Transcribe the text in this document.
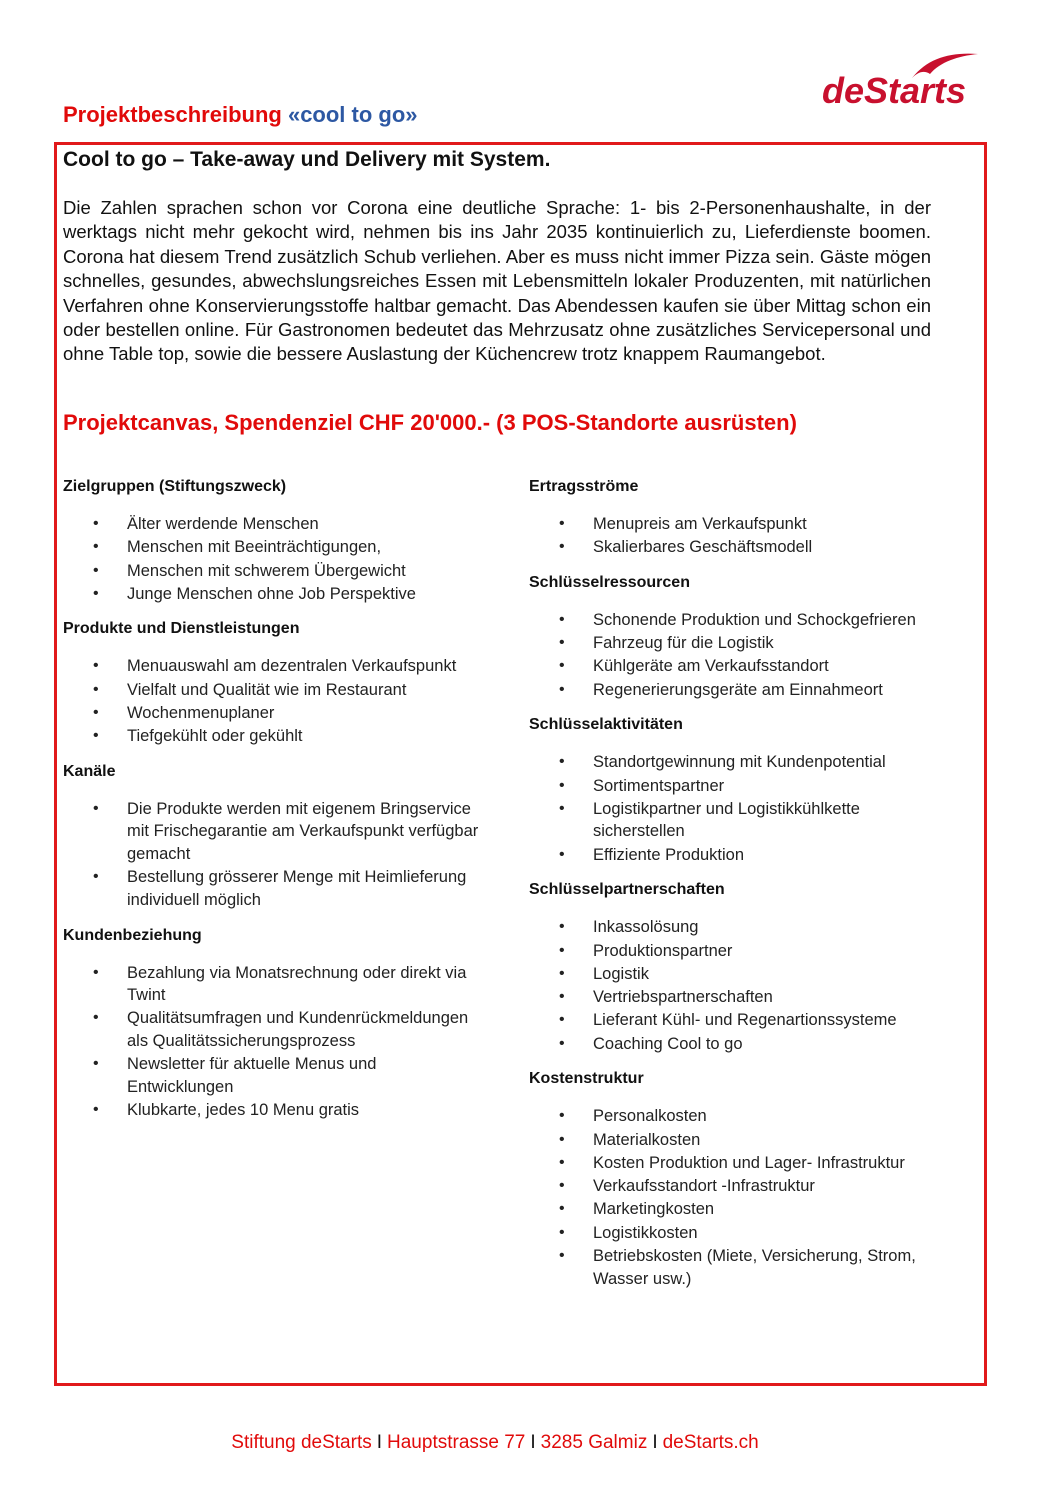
deStarts
Projektbeschreibung «cool to go»
Cool to go – Take-away und Delivery mit System.

Die Zahlen sprachen schon vor Corona eine deutliche Sprache: 1- bis 2-Personenhaushalte, in der werktags nicht mehr gekocht wird, nehmen bis ins Jahr 2035 kontinuierlich zu, Lieferdienste boomen. Corona hat diesem Trend zusätzlich Schub verliehen. Aber es muss nicht immer Pizza sein. Gäste mögen schnelles, gesundes, abwechslungsreiches Essen mit Lebensmitteln lokaler Produzenten, mit natürlichen Verfahren ohne Konservierungsstoffe haltbar gemacht. Das Abendessen kaufen sie über Mittag schon ein oder bestellen online. Für Gastronomen bedeutet das Mehrzusatz ohne zusätzliches Servicepersonal und ohne Table top, sowie die bessere Auslastung der Küchencrew trotz knappem Raumangebot.

Projektcanvas, Spendenziel CHF 20'000.- (3 POS-Standorte ausrüsten)
Zielgruppen (Stiftungszweck)
• Älter werdende Menschen
• Menschen mit Beeinträchtigungen,
• Menschen mit schwerem Übergewicht
• Junge Menschen ohne Job Perspektive
Produkte und Dienstleistungen
• Menuauswahl am dezentralen Verkaufspunkt
• Vielfalt und Qualität wie im Restaurant
• Wochenmenuplaner
• Tiefgekühlt oder gekühlt
Kanäle
• Die Produkte werden mit eigenem Bringservice mit Frischegarantie am Verkaufspunkt verfügbar gemacht
• Bestellung grösserer Menge mit Heimlieferung individuell möglich
Kundenbeziehung
• Bezahlung via Monatsrechnung oder direkt via Twint
• Qualitätsumfragen und Kundenrückmeldungen als Qualitätssicherungsprozess
• Newsletter für aktuelle Menus und Entwicklungen
• Klubkarte, jedes 10 Menu gratis
Ertragsströme
• Menupreis am Verkaufspunkt
• Skalierbares Geschäftsmodell
Schlüsselressourcen
• Schonende Produktion und Schockgefrieren
• Fahrzeug für die Logistik
• Kühlgeräte am Verkaufsstandort
• Regenerierungsgeräte am Einnahmeort
Schlüsselaktivitäten
• Standortgewinnung mit Kundenpotential
• Sortimentspartner
• Logistikpartner und Logistikkühlkette sicherstellen
• Effiziente Produktion
Schlüsselpartnerschaften
• Inkassolösung
• Produktionspartner
• Logistik
• Vertriebspartnerschaften
• Lieferant Kühl- und Regenartionssysteme
• Coaching Cool to go
Kostenstruktur
• Personalkosten
• Materialkosten
• Kosten Produktion und Lager- Infrastruktur
• Verkaufsstandort -Infrastruktur
• Marketingkosten
• Logistikkosten
• Betriebskosten (Miete, Versicherung, Strom, Wasser usw.)
Stiftung deStarts I Hauptstrasse 77 I 3285 Galmiz I deStarts.ch
